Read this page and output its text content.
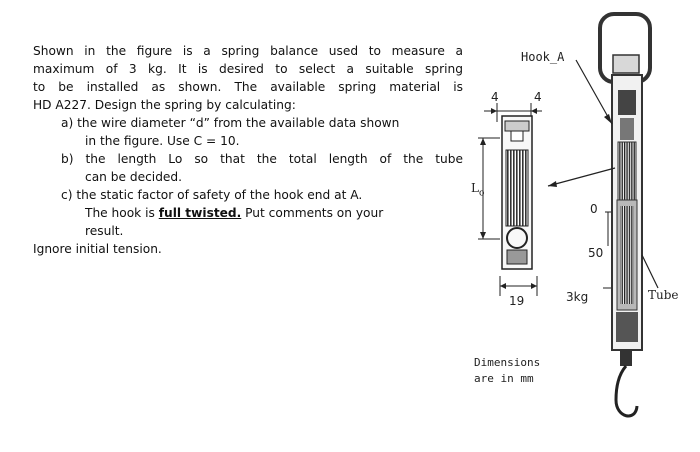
Shown in the figure is a spring balance used to measure a

maximum of 3 kg. It is desired to select a suitable spring

to be installed as shown. The available spring material is

HD A227. Design the spring by calculating:

a) the wire diameter “d” from the available data shown

in the figure. Use C = 10.

b) the length Lo so that the total length of the tube

can be decided.

c) the static factor of safety of the hook end at A.

The hook is full twisted. Put comments on your

result.

Ignore initial tension.

Hook_A
4	4
$L_o$
19
0
50
3kg	Tube
Dimensions
are in mm
